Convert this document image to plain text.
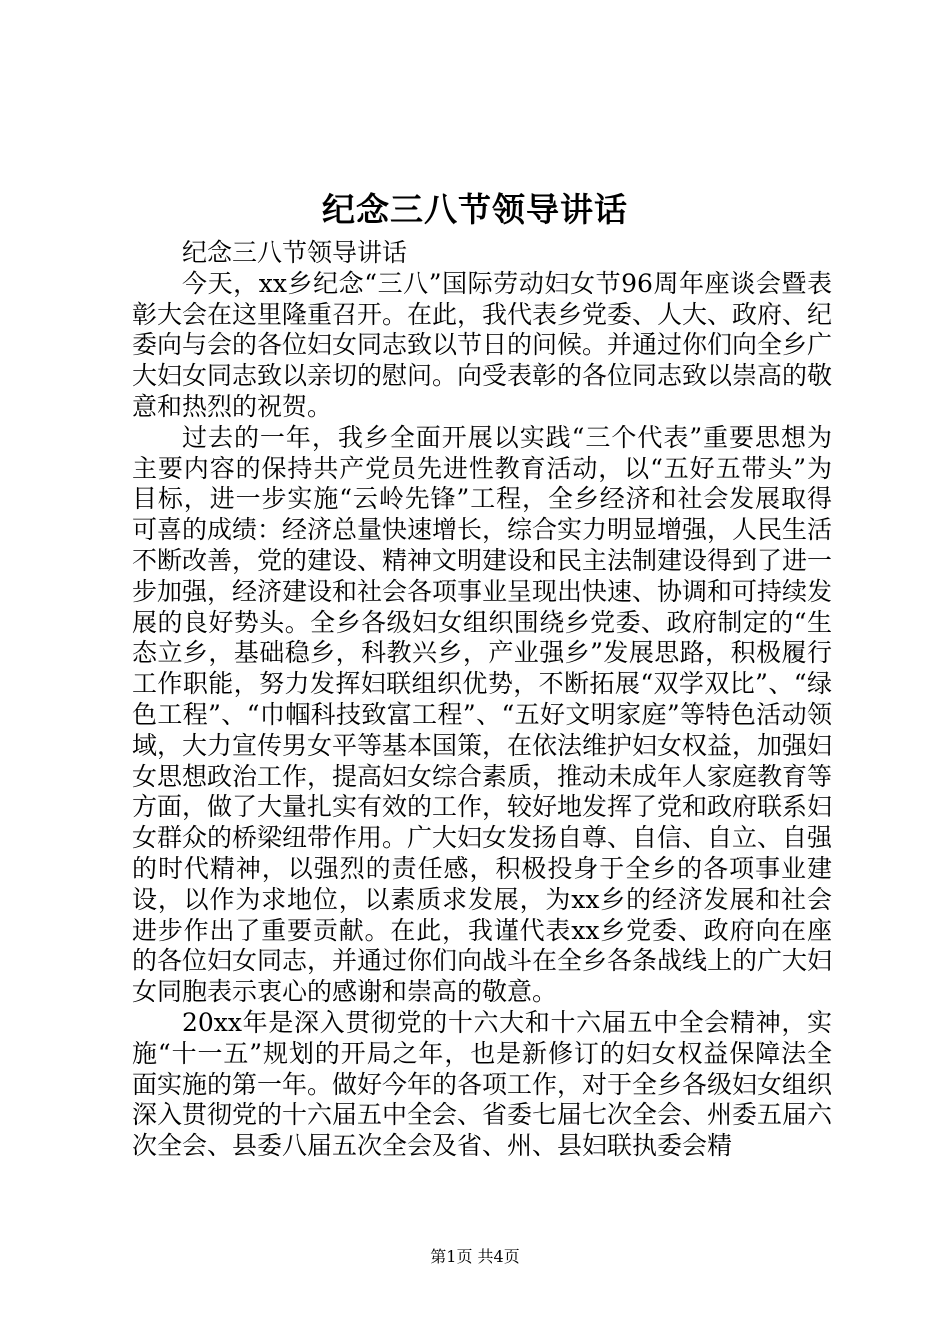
纪念三八节领导讲话

纪念三八节领导讲话

今天，xx乡纪念“三八”国际劳动妇女节96周年座谈会暨表彰大会在这里隆重召开。在此，我代表乡党委、人大、政府、纪委向与会的各位妇女同志致以节日的问候。并通过你们向全乡广大妇女同志致以亲切的慰问。向受表彰的各位同志致以崇高的敬意和热烈的祝贺。

过去的一年，我乡全面开展以实践“三个代表”重要思想为主要内容的保持共产党员先进性教育活动，以“五好五带头”为目标，进一步实施“云岭先锋”工程，全乡经济和社会发展取得可喜的成绩：经济总量快速增长，综合实力明显增强，人民生活不断改善，党的建设、精神文明建设和民主法制建设得到了进一步加强，经济建设和社会各项事业呈现出快速、协调和可持续发展的良好势头。全乡各级妇女组织围绕乡党委、政府制定的“生态立乡，基础稳乡，科教兴乡，产业强乡”发展思路，积极履行工作职能，努力发挥妇联组织优势，不断拓展“双学双比”、“绿色工程”、“巾帼科技致富工程”、“五好文明家庭”等特色活动领域，大力宣传男女平等基本国策，在依法维护妇女权益，加强妇女思想政治工作，提高妇女综合素质，推动未成年人家庭教育等方面，做了大量扎实有效的工作，较好地发挥了党和政府联系妇女群众的桥梁纽带作用。广大妇女发扬自尊、自信、自立、自强的时代精神，以强烈的责任感，积极投身于全乡的各项事业建设，以作为求地位，以素质求发展，为xx乡的经济发展和社会进步作出了重要贡献。在此，我谨代表xx乡党委、政府向在座的各位妇女同志，并通过你们向战斗在全乡各条战线上的广大妇女同胞表示衷心的感谢和崇高的敬意。

20xx年是深入贯彻党的十六大和十六届五中全会精神，实施“十一五”规划的开局之年，也是新修订的妇女权益保障法全面实施的第一年。做好今年的各项工作，对于全乡各级妇女组织深入贯彻党的十六届五中全会、省委七届七次全会、州委五届六次全会、县委八届五次全会及省、州、县妇联执委会精

第1页 共4页
